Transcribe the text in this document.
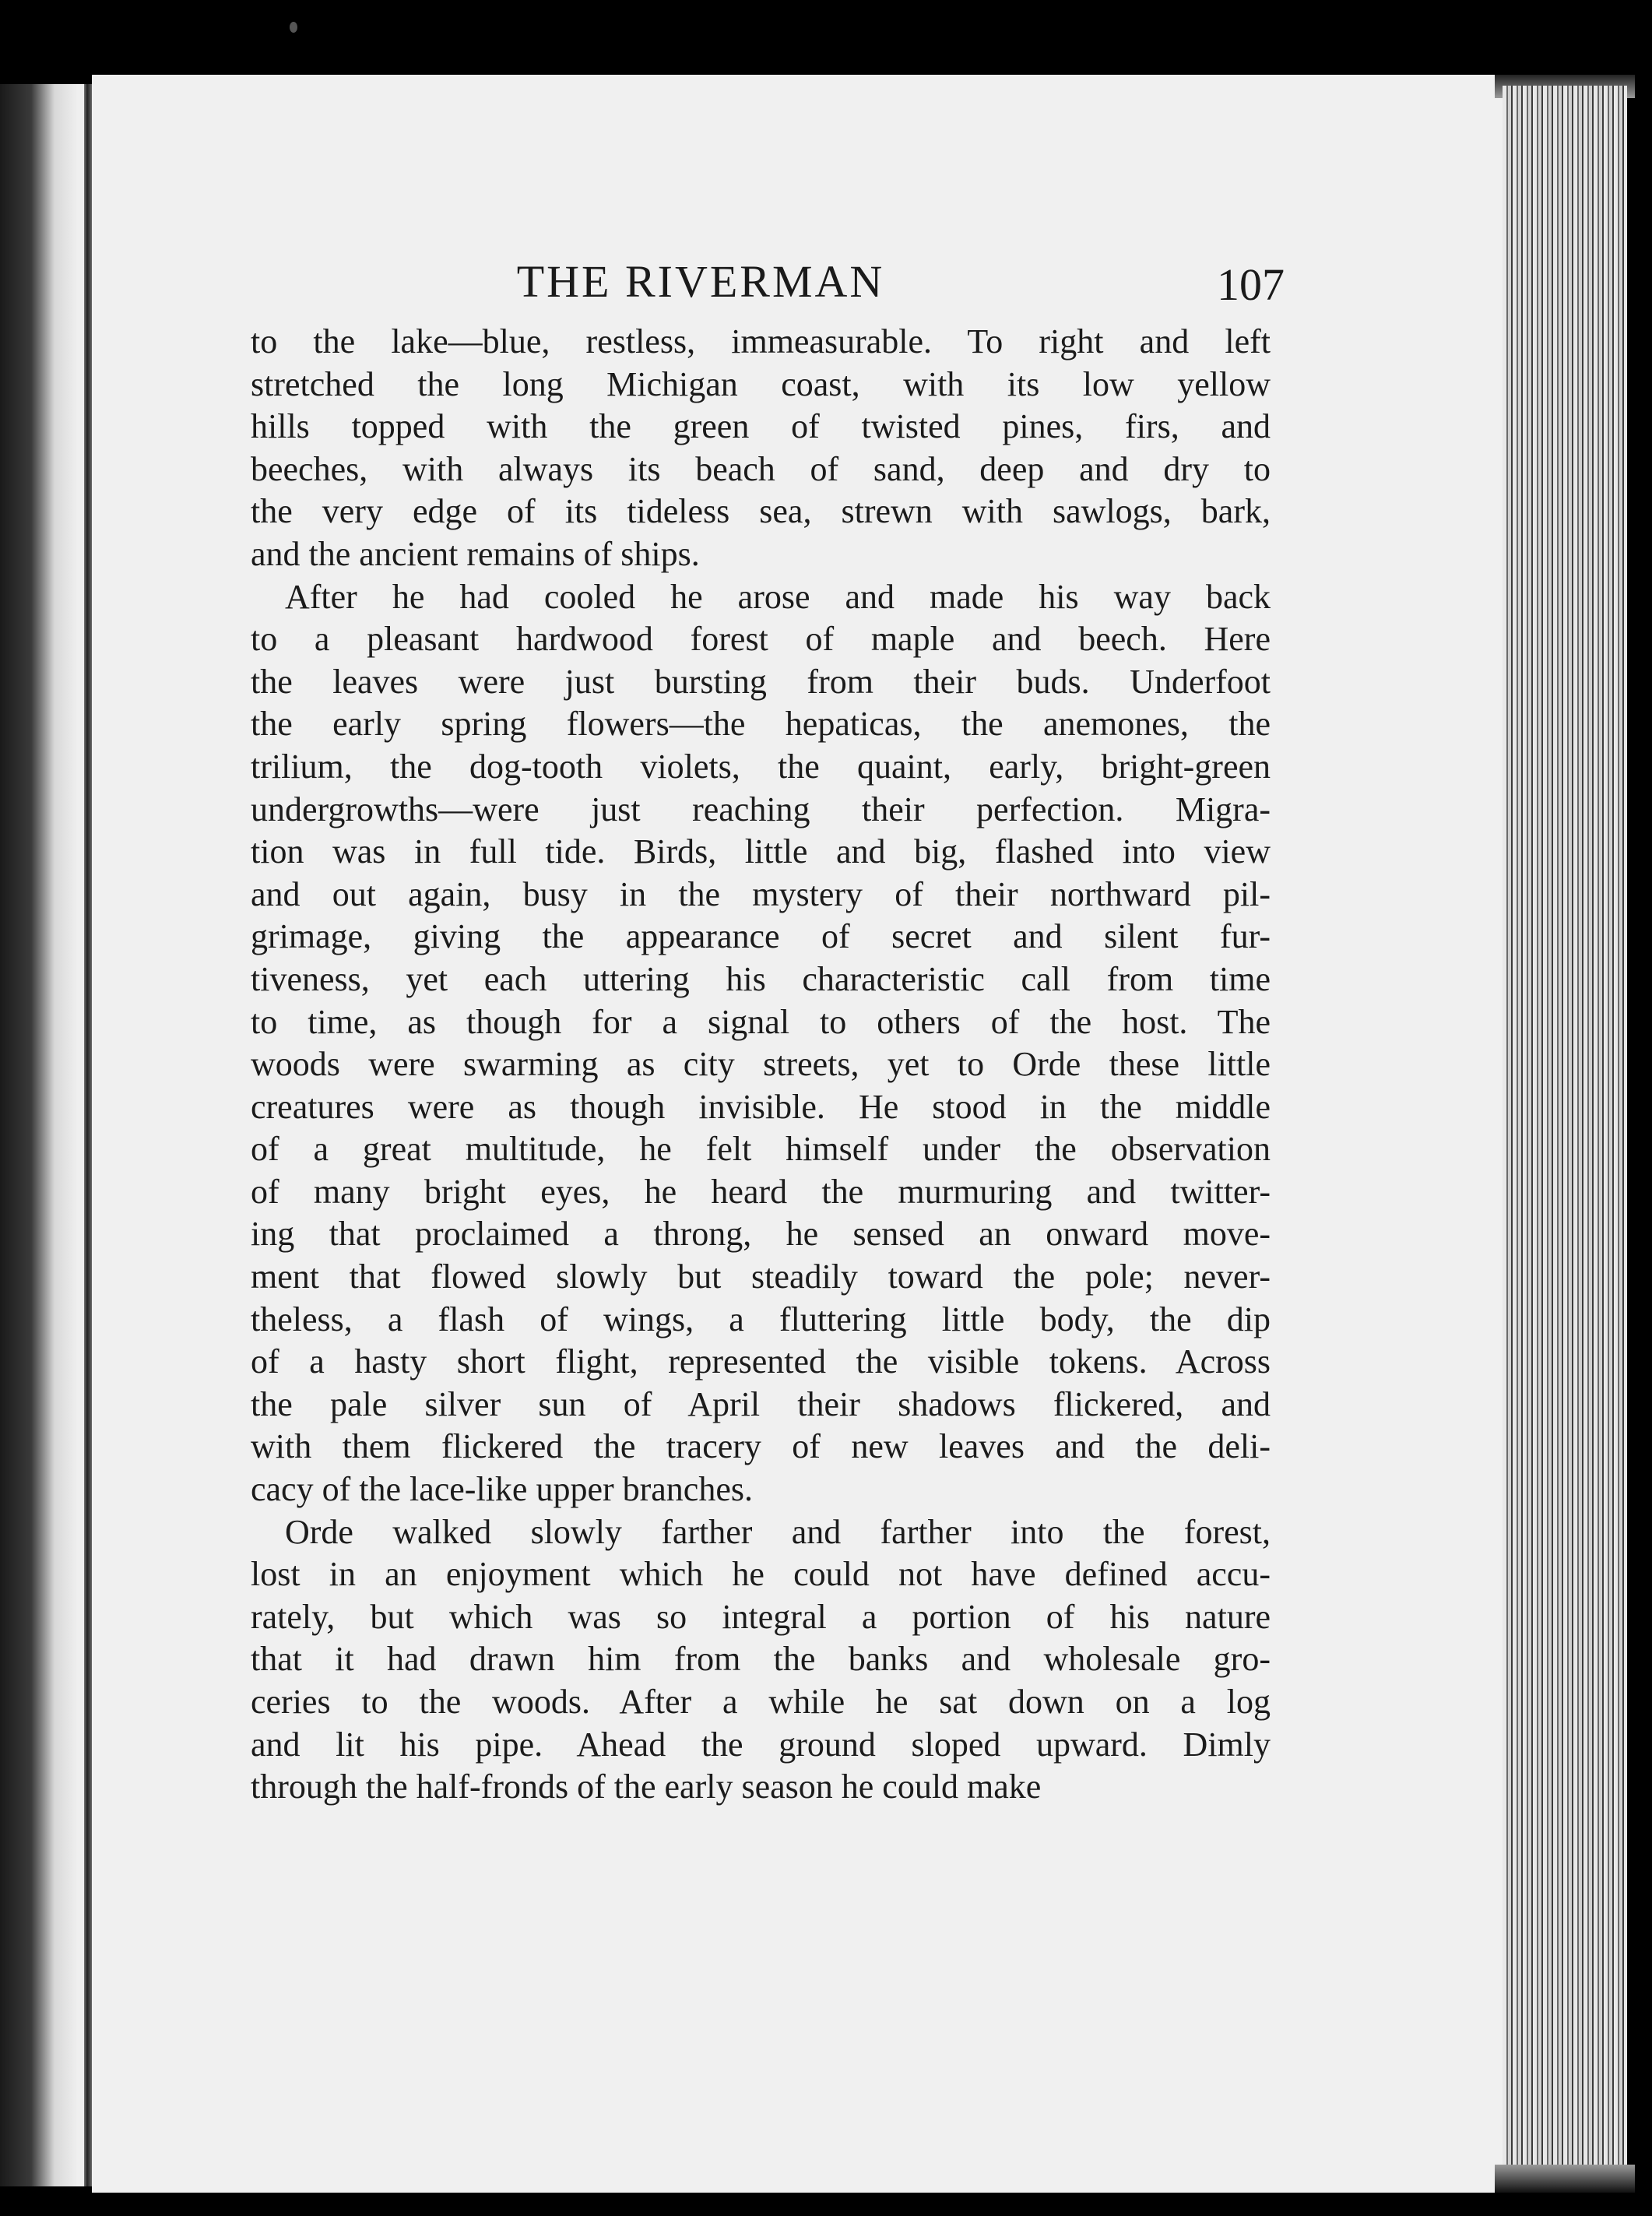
THE RIVERMAN	107
to the lake—blue, restless, immeasurable. To right and left
stretched the long Michigan coast, with its low yellow
hills topped with the green of twisted pines, firs, and
beeches, with always its beach of sand, deep and dry to
the very edge of its tideless sea, strewn with sawlogs, bark,
and the ancient remains of ships.
After he had cooled he arose and made his way back
to a pleasant hardwood forest of maple and beech. Here
the leaves were just bursting from their buds. Underfoot
the early spring flowers—the hepaticas, the anemones, the
trilium, the dog-tooth violets, the quaint, early, bright-green
undergrowths—were just reaching their perfection. Migra-
tion was in full tide. Birds, little and big, flashed into view
and out again, busy in the mystery of their northward pil-
grimage, giving the appearance of secret and silent fur-
tiveness, yet each uttering his characteristic call from time
to time, as though for a signal to others of the host. The
woods were swarming as city streets, yet to Orde these little
creatures were as though invisible. He stood in the middle
of a great multitude, he felt himself under the observation
of many bright eyes, he heard the murmuring and twitter-
ing that proclaimed a throng, he sensed an onward move-
ment that flowed slowly but steadily toward the pole; never-
theless, a flash of wings, a fluttering little body, the dip
of a hasty short flight, represented the visible tokens. Across
the pale silver sun of April their shadows flickered, and
with them flickered the tracery of new leaves and the deli-
cacy of the lace-like upper branches.
Orde walked slowly farther and farther into the forest,
lost in an enjoyment which he could not have defined accu-
rately, but which was so integral a portion of his nature
that it had drawn him from the banks and wholesale gro-
ceries to the woods. After a while he sat down on a log
and lit his pipe. Ahead the ground sloped upward. Dimly
through the half-fronds of the early season he could make
